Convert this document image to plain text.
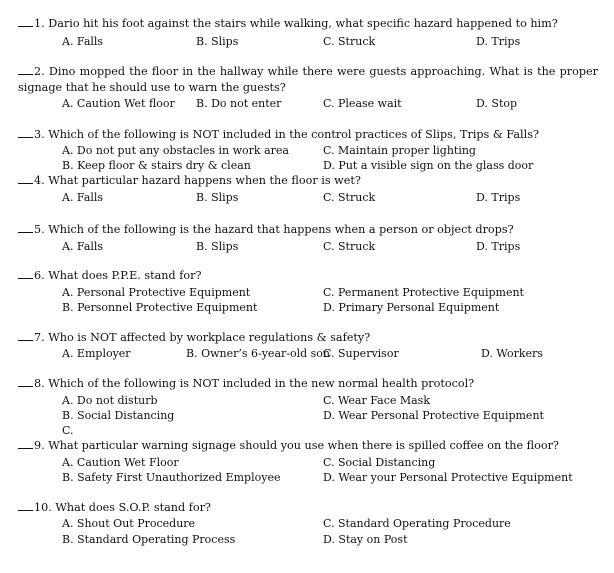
1. Dario hit his foot against the stairs while walking, what specific hazard happened to him?
A. Falls	B. Slips	C. Struck	D. Trips
2. Dino mopped the floor in the hallway while there were guests approaching. What is the proper signage that he should use to warn the guests?
A. Caution Wet floor B. Do not enter	C. Please wait	D. Stop
3. Which of the following is NOT included in the control practices of Slips, Trips & Falls?
A. Do not put any obstacles in work area	C. Maintain proper lighting
B. Keep floor & stairs dry & clean	D. Put a visible sign on the glass door
4. What particular hazard happens when the floor is wet?
A. Falls	B. Slips	C. Struck	D. Trips
5. Which of the following is the hazard that happens when a person or object drops?
A. Falls	B. Slips	C. Struck	D. Trips
6. What does P.P.E. stand for?
A. Personal Protective Equipment	C. Permanent Protective Equipment
B. Personnel Protective Equipment	D. Primary Personal Equipment
7. Who is NOT affected by workplace regulations & safety?
A. Employer	B. Owner’s 6-year-old son
C. Supervisor	D. Workers
8. Which of the following is NOT included in the new normal health protocol?
A. Do not disturb	C. Wear Face Mask
B. Social Distancing	D. Wear Personal Protective Equipment
C.
9. What particular warning signage should you use when there is spilled coffee on the floor?
A. Caution Wet Floor	C. Social Distancing
B. Safety First Unauthorized Employee	D. Wear your Personal Protective Equipment
10. What does S.O.P. stand for?
A. Shout Out Procedure	C. Standard Operating Procedure
B. Standard Operating Process	D. Stay on Post
